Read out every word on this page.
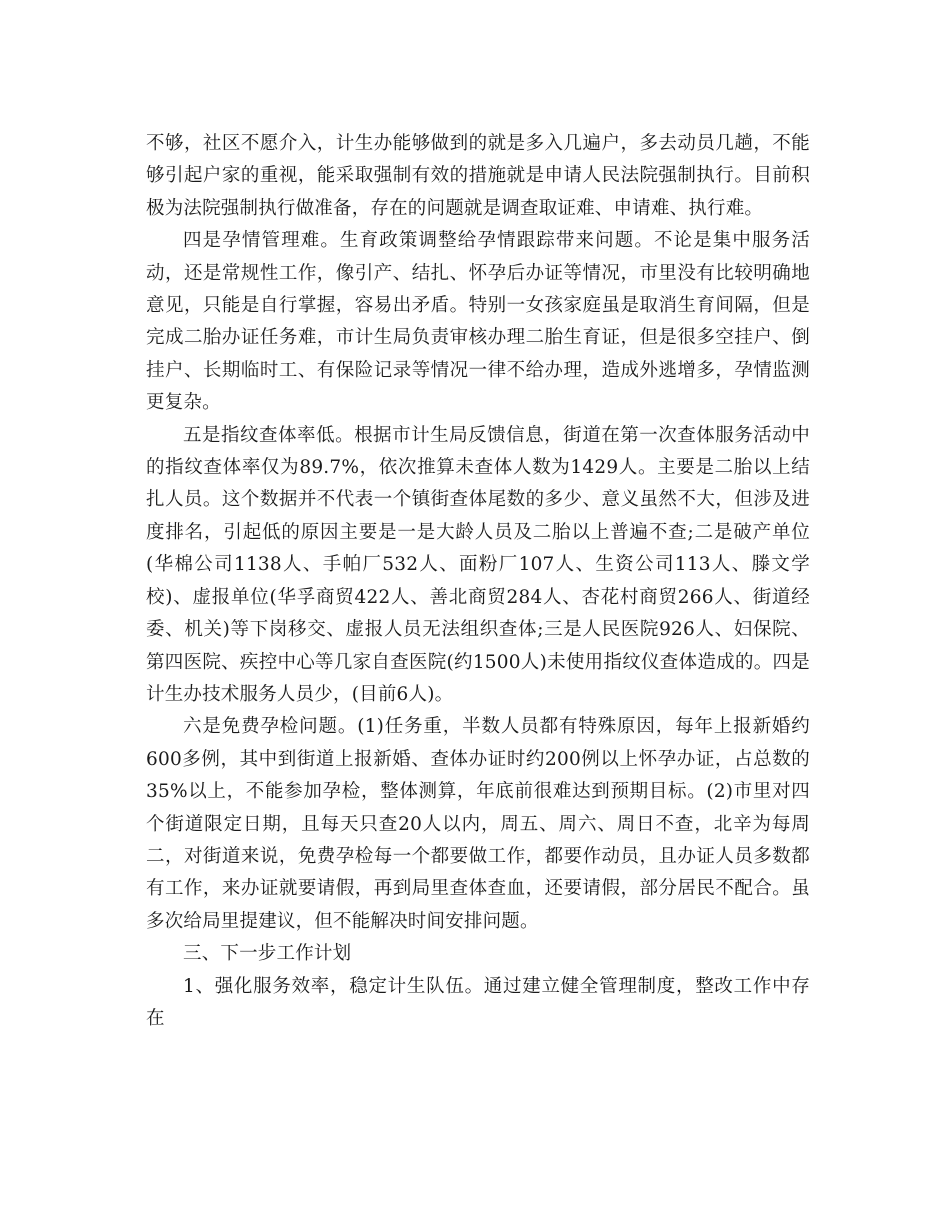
不够，社区不愿介入，计生办能够做到的就是多入几遍户，多去动员几趟，不能够引起户家的重视，能采取强制有效的措施就是申请人民法院强制执行。目前积极为法院强制执行做准备，存在的问题就是调查取证难、申请难、执行难。

四是孕情管理难。生育政策调整给孕情跟踪带来问题。不论是集中服务活动，还是常规性工作，像引产、结扎、怀孕后办证等情况，市里没有比较明确地意见，只能是自行掌握，容易出矛盾。特别一女孩家庭虽是取消生育间隔，但是完成二胎办证任务难，市计生局负责审核办理二胎生育证，但是很多空挂户、倒挂户、长期临时工、有保险记录等情况一律不给办理，造成外逃增多，孕情监测更复杂。

五是指纹查体率低。根据市计生局反馈信息，街道在第一次查体服务活动中的指纹查体率仅为89.7%，依次推算未查体人数为1429人。主要是二胎以上结扎人员。这个数据并不代表一个镇街查体尾数的多少、意义虽然不大，但涉及进度排名，引起低的原因主要是一是大龄人员及二胎以上普遍不查;二是破产单位(华棉公司1138人、手帕厂532人、面粉厂107人、生资公司113人、滕文学校)、虚报单位(华孚商贸422人、善北商贸284人、杏花村商贸266人、街道经委、机关)等下岗移交、虚报人员无法组织查体;三是人民医院926人、妇保院、第四医院、疾控中心等几家自查医院(约1500人)未使用指纹仪查体造成的。四是计生办技术服务人员少，(目前6人)。

六是免费孕检问题。(1)任务重，半数人员都有特殊原因，每年上报新婚约600多例，其中到街道上报新婚、查体办证时约200例以上怀孕办证，占总数的35%以上，不能参加孕检，整体测算，年底前很难达到预期目标。(2)市里对四个街道限定日期，且每天只查20人以内，周五、周六、周日不查，北辛为每周二，对街道来说，免费孕检每一个都要做工作，都要作动员，且办证人员多数都有工作，来办证就要请假，再到局里查体查血，还要请假，部分居民不配合。虽多次给局里提建议，但不能解决时间安排问题。

三、下一步工作计划

1、强化服务效率，稳定计生队伍。通过建立健全管理制度，整改工作中存在
